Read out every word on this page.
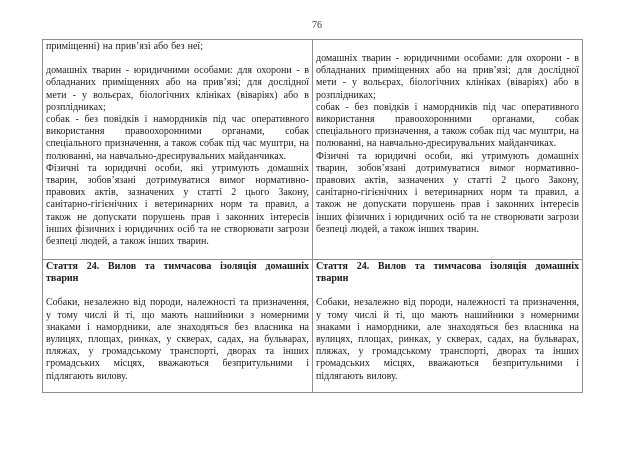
76

приміщенні) на прив’язі або без неї;

домашніх тварин - юридичними особами: для охорони - в обладнаних приміщеннях або на прив’язі; для дослідної мети - у вольєрах, біологічних клініках (віваріях) або в розплідниках;

собак - без повідків і намордників під час оперативного використання правоохоронними органами, собак спеціального призначення, а також собак під час муштри, на полюванні, на навчально-дресирувальних майданчиках.

Фізичні та юридичні особи, які утримують домашніх тварин, зобов’язані дотримуватися вимог нормативно-правових актів, зазначених у статті 2 цього Закону, санітарно-гігієнічних і ветеринарних норм та правил, а також не допускати порушень прав і законних інтересів інших фізичних і юридичних осіб та не створювати загрози безпеці людей, а також інших тварин.

домашніх тварин - юридичними особами: для охорони - в обладнаних приміщеннях або на прив’язі; для дослідної мети - у вольєрах, біологічних клініках (віваріях) або в розплідниках;

собак - без повідків і намордників під час оперативного використання правоохоронними органами, собак спеціального призначення, а також собак під час муштри, на полюванні, на навчально-дресирувальних майданчиках.

Фізичні та юридичні особи, які утримують домашніх тварин, зобов’язані дотримуватися вимог нормативно-правових актів, зазначених у статті 2 цього Закону, санітарно-гігієнічних і ветеринарних норм та правил, а також не допускати порушень прав і законних інтересів інших фізичних і юридичних осіб та не створювати загрози безпеці людей, а також інших тварин.

Стаття 24. Вилов та тимчасова ізоляція домашніх тварин

Собаки, незалежно від породи, належності та призначення, у тому числі й ті, що мають нашийники з номерними знаками і намордники, але знаходяться без власника на вулицях, площах, ринках, у скверах, садах, на бульварах, пляжах, у громадському транспорті, дворах та інших громадських місцях, вважаються безпритульними і підлягають вилову.

Стаття 24. Вилов та тимчасова ізоляція домашніх тварин

Собаки, незалежно від породи, належності та призначення, у тому числі й ті, що мають нашийники з номерними знаками і намордники, але знаходяться без власника на вулицях, площах, ринках, у скверах, садах, на бульварах, пляжах, у громадському транспорті, дворах та інших громадських місцях, вважаються безпритульними і підлягають вилову.
